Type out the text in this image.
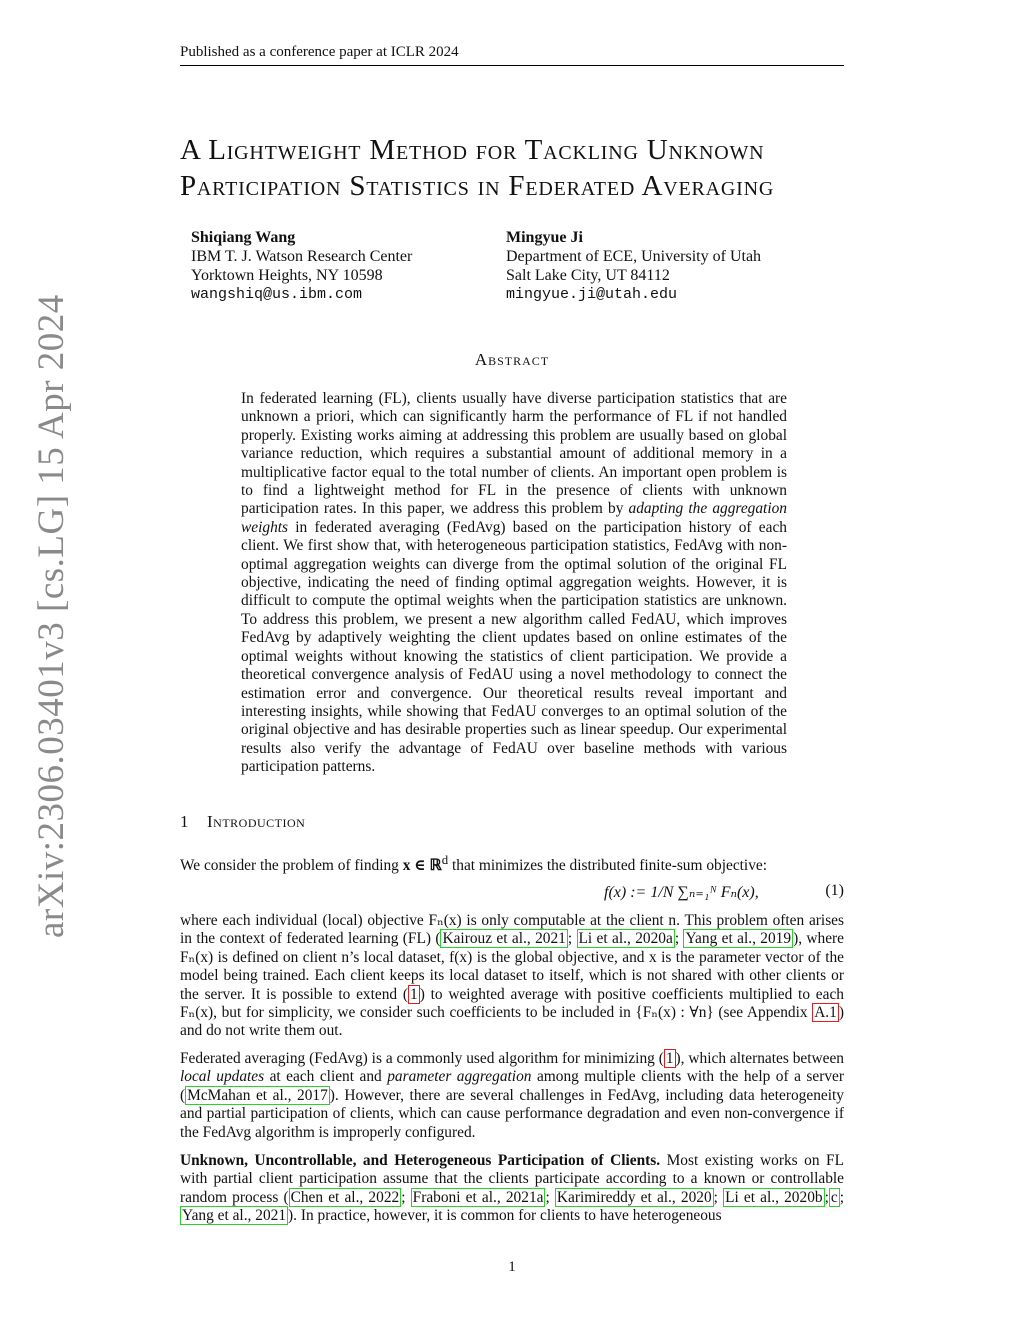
Published as a conference paper at ICLR 2024
arXiv:2306.03401v3 [cs.LG] 15 Apr 2024
A Lightweight Method for Tackling Unknown
Participation Statistics in Federated Averaging
Shiqiang Wang
IBM T. J. Watson Research Center
Yorktown Heights, NY 10598
wangshiq@us.ibm.com
Mingyue Ji
Department of ECE, University of Utah
Salt Lake City, UT 84112
mingyue.ji@utah.edu
Abstract
In federated learning (FL), clients usually have diverse participation statistics that are unknown a priori, which can significantly harm the performance of FL if not handled properly. Existing works aiming at addressing this problem are usually based on global variance reduction, which requires a substantial amount of additional memory in a multiplicative factor equal to the total number of clients. An important open problem is to find a lightweight method for FL in the presence of clients with unknown participation rates. In this paper, we address this problem by adapting the aggregation weights in federated averaging (FedAvg) based on the participation history of each client. We first show that, with heterogeneous participation statistics, FedAvg with non-optimal aggregation weights can diverge from the optimal solution of the original FL objective, indicating the need of finding optimal aggregation weights. However, it is difficult to compute the optimal weights when the participation statistics are unknown. To address this problem, we present a new algorithm called FedAU, which improves FedAvg by adaptively weighting the client updates based on online estimates of the optimal weights without knowing the statistics of client participation. We provide a theoretical convergence analysis of FedAU using a novel methodology to connect the estimation error and convergence. Our theoretical results reveal important and interesting insights, while showing that FedAU converges to an optimal solution of the original objective and has desirable properties such as linear speedup. Our experimental results also verify the advantage of FedAU over baseline methods with various participation patterns.
1 Introduction
We consider the problem of finding x ∈ ℝ$^d$ that minimizes the distributed finite-sum objective:
f(x) := 1/N ∑ₙ₌₁ᴺ Fₙ(x),	(1)
where each individual (local) objective Fₙ(x) is only computable at the client n. This problem often arises in the context of federated learning (FL) ( Kairouz et al., 2021 ; Li et al., 2020a ; Yang et al., 2019 ), where Fₙ(x) is defined on client n’s local dataset, f(x) is the global objective, and x is the parameter vector of the model being trained. Each client keeps its local dataset to itself, which is not shared with other clients or the server. It is possible to extend ( 1 ) to weighted average with positive coefficients multiplied to each Fₙ(x), but for simplicity, we consider such coefficients to be included in {Fₙ(x) : ∀n} (see Appendix A.1 ) and do not write them out.
Federated averaging (FedAvg) is a commonly used algorithm for minimizing ( 1 ), which alternates between local updates at each client and parameter aggregation among multiple clients with the help of a server ( McMahan et al., 2017 ). However, there are several challenges in FedAvg, including data heterogeneity and partial participation of clients, which can cause performance degradation and even non-convergence if the FedAvg algorithm is improperly configured.
Unknown, Uncontrollable, and Heterogeneous Participation of Clients. Most existing works on FL with partial client participation assume that the clients participate according to a known or controllable random process ( Chen et al., 2022 ; Fraboni et al., 2021a ; Karimireddy et al., 2020 ; Li et al., 2020b ; c ; Yang et al., 2021 ). In practice, however, it is common for clients to have heterogeneous
1
